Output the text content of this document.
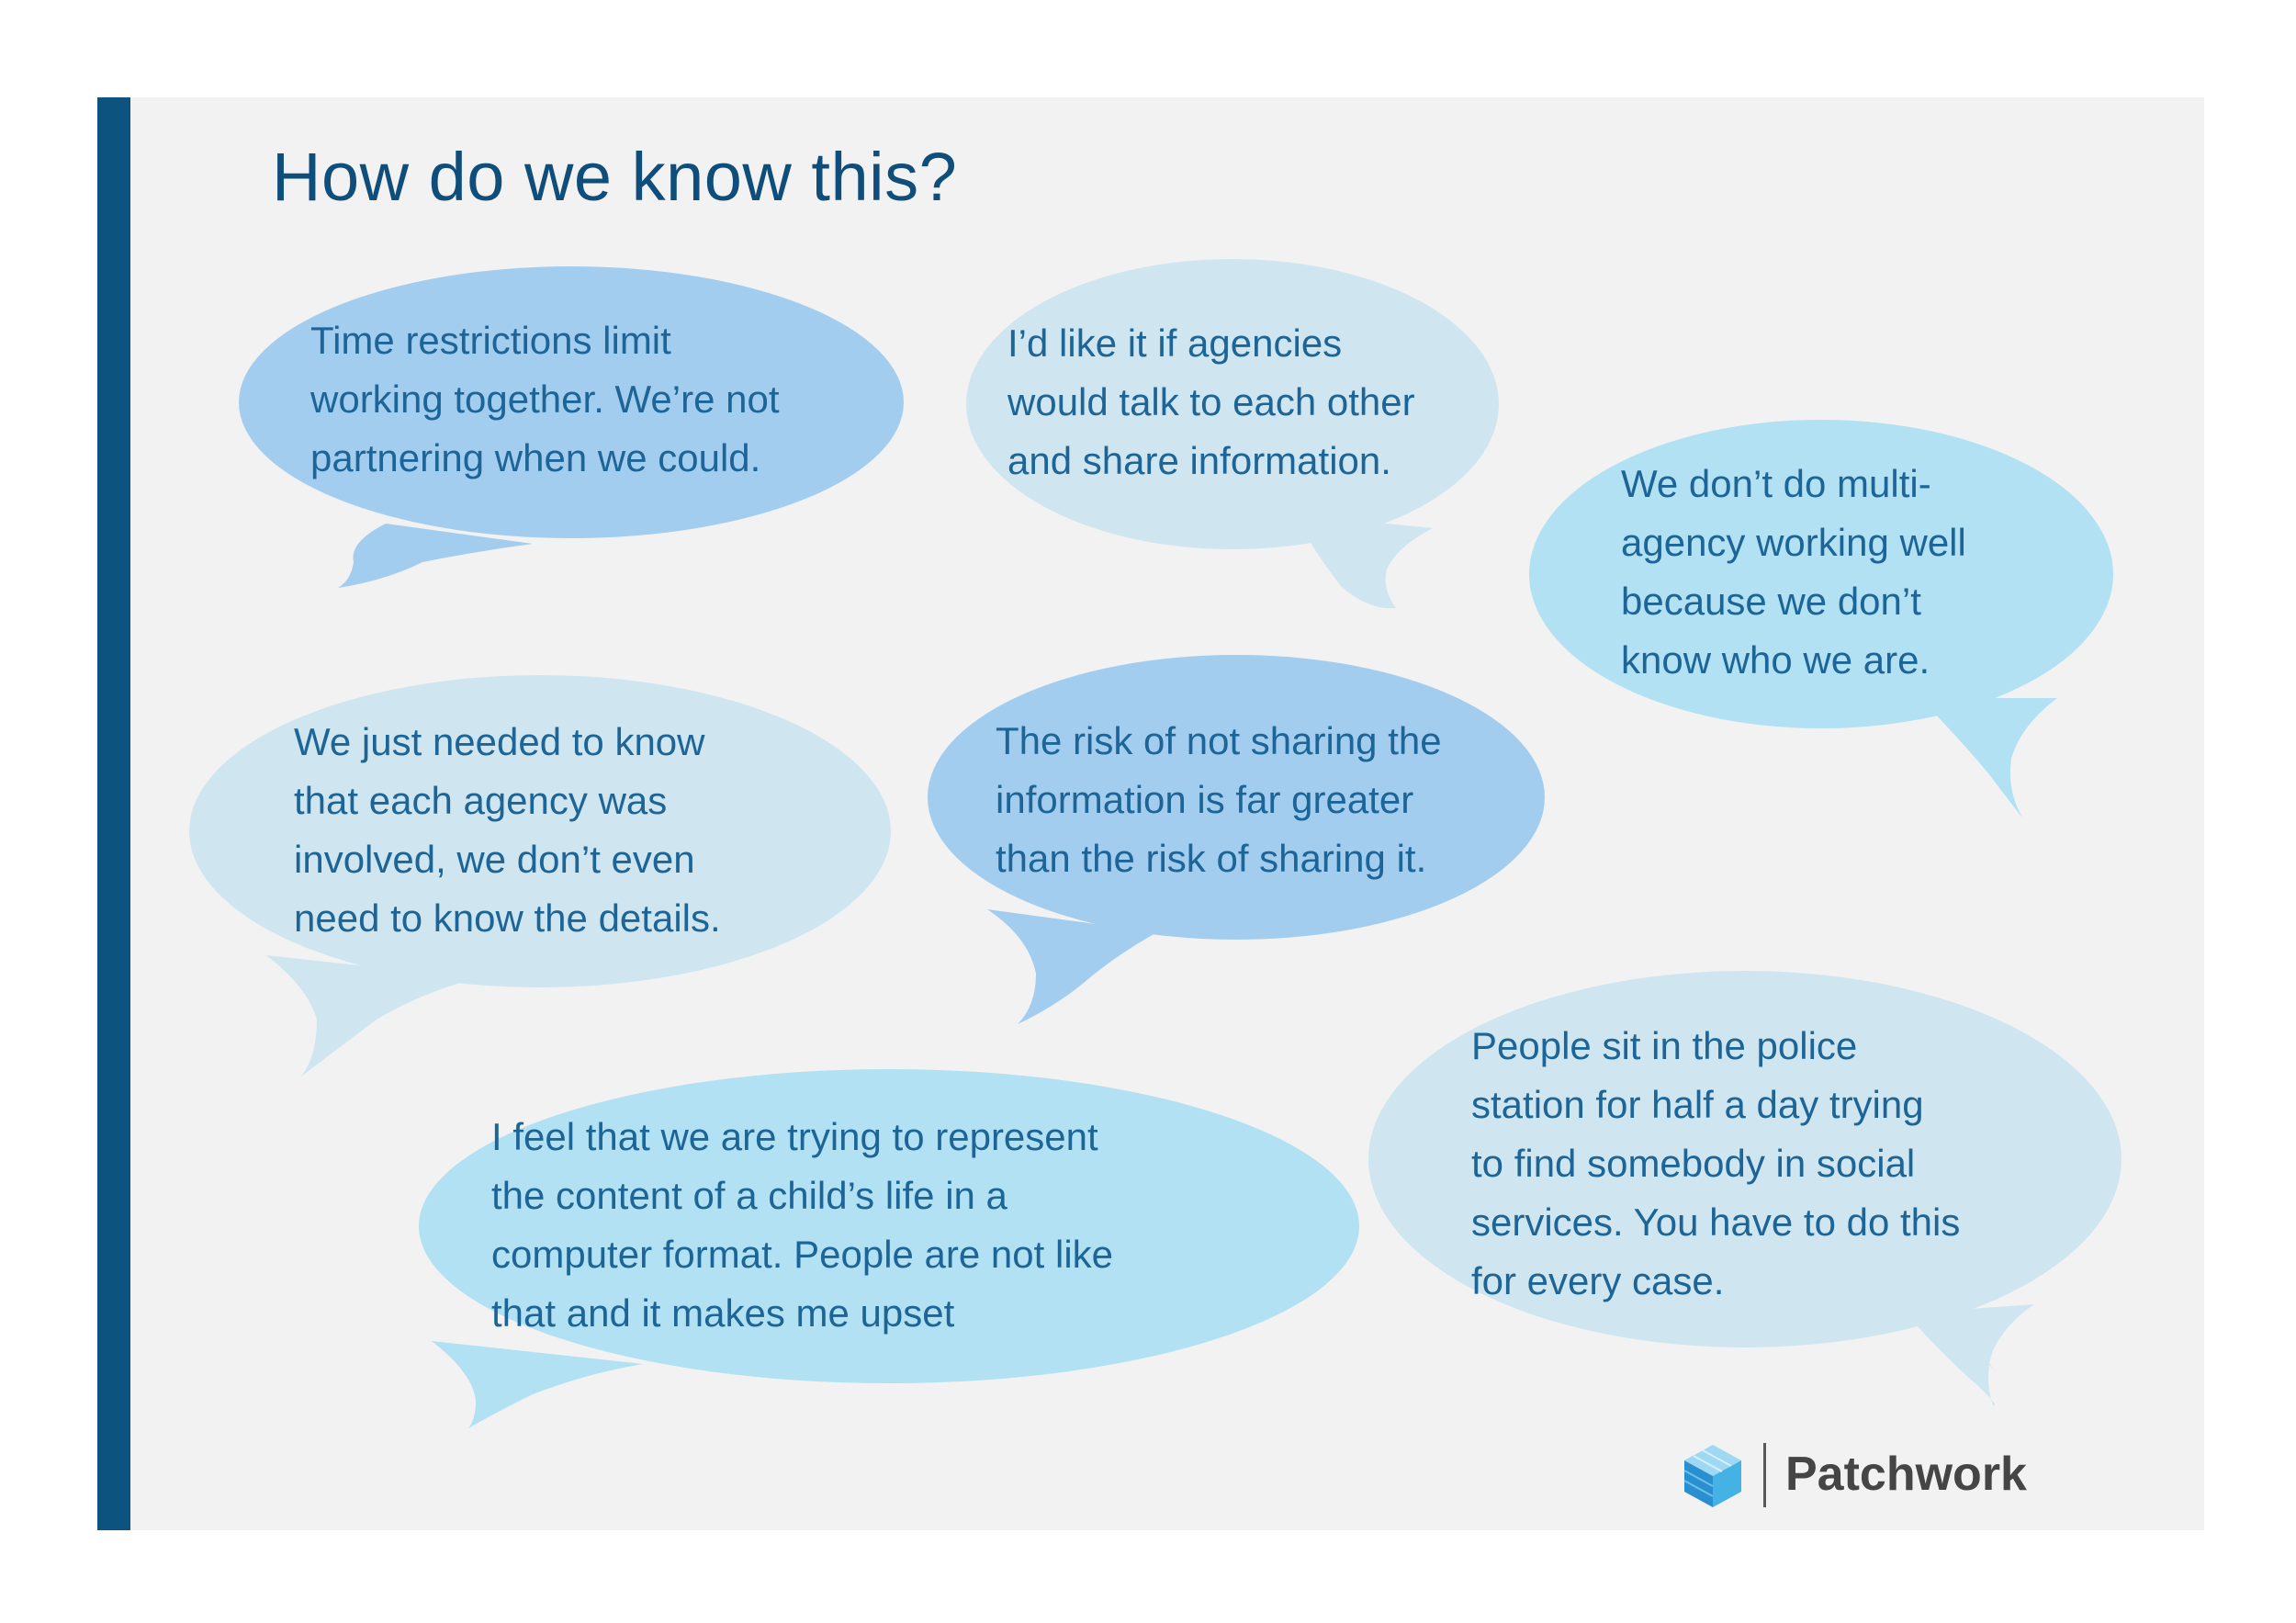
How do we know this?

Time restrictions limit
working together. We’re not
partnering when we could.

I’d like it if agencies
would talk to each other
and share information.

We don’t do multi-
agency working well
because we don’t
know who we are.

We just needed to know
that each agency was
involved, we don’t even
need to know the details.

The risk of not sharing the
information is far greater
than the risk of sharing it.

People sit in the police
station for half a day trying
to find somebody in social
services. You have to do this
for every case.

I feel that we are trying to represent
the content of a child’s life in a
computer format. People are not like
that and it makes me upset

Patchwork
